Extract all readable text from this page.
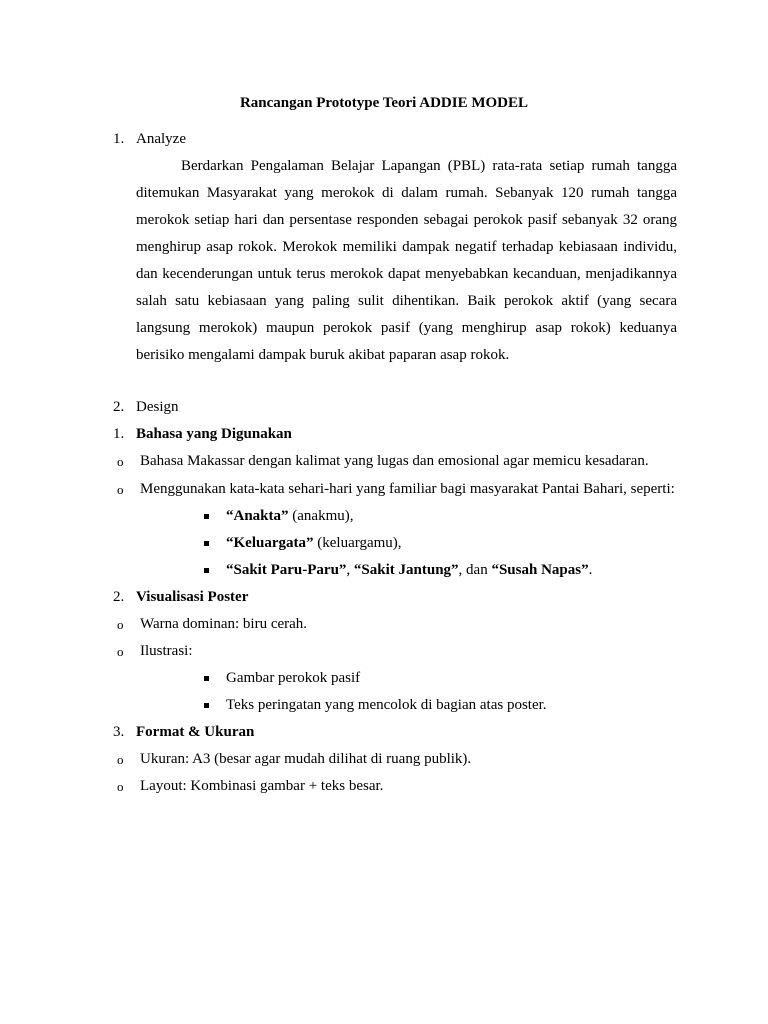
Rancangan Prototype Teori ADDIE MODEL

1. Analyze

Berdarkan Pengalaman Belajar Lapangan (PBL) rata-rata setiap rumah tangga ditemukan Masyarakat yang merokok di dalam rumah. Sebanyak 120 rumah tangga merokok setiap hari dan persentase responden sebagai perokok pasif sebanyak 32 orang menghirup asap rokok. Merokok memiliki dampak negatif terhadap kebiasaan individu, dan kecenderungan untuk terus merokok dapat menyebabkan kecanduan, menjadikannya salah satu kebiasaan yang paling sulit dihentikan. Baik perokok aktif (yang secara langsung merokok) maupun perokok pasif (yang menghirup asap rokok) keduanya berisiko mengalami dampak buruk akibat paparan asap rokok.

2. Design
1. Bahasa yang Digunakan
o Bahasa Makassar dengan kalimat yang lugas dan emosional agar memicu kesadaran.
o Menggunakan kata-kata sehari-hari yang familiar bagi masyarakat Pantai Bahari, seperti:
“Anakta” (anakmu),
“Keluargata” (keluargamu),
“Sakit Paru-Paru”, “Sakit Jantung”, dan “Susah Napas”.
2. Visualisasi Poster
o Warna dominan: biru cerah.
o Ilustrasi:
Gambar perokok pasif
Teks peringatan yang mencolok di bagian atas poster.
3. Format & Ukuran
o Ukuran: A3 (besar agar mudah dilihat di ruang publik).
o Layout: Kombinasi gambar + teks besar.
